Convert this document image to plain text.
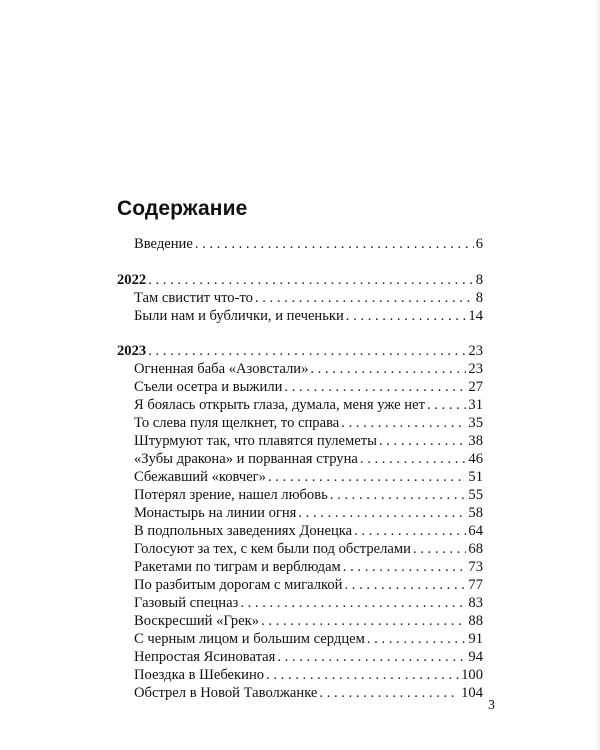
Содержание
Введение . . .	6
2022 . . .	8
Там свистит что-то . . .	8
Были нам и бублички, и печеньки . . .	14
2023 . . .	23
Огненная баба «Азовстали» . . .	23
Съели осетра и выжили . . .	27
Я боялась открыть глаза, думала, меня уже нет . . .	31
То слева пуля щелкнет, то справа . . .	35
Штурмуют так, что плавятся пулеметы . . .	38
«Зубы дракона» и порванная струна . . .	46
Сбежавший «ковчег» . . .	51
Потерял зрение, нашел любовь . . .	55
Монастырь на линии огня . . .	58
В подпольных заведениях Донецка . . .	64
Голосуют за тех, с кем были под обстрелами . . .	68
Ракетами по тиграм и верблюдам . . .	73
По разбитым дорогам с мигалкой . . .	77
Газовый спецназ . . .	83
Воскресший «Грек» . . .	88
С черным лицом и большим сердцем . . .	91
Непростая Ясиноватая . . .	94
Поездка в Шебекино . . .	100
Обстрел в Новой Таволжанке . . .	104
3
